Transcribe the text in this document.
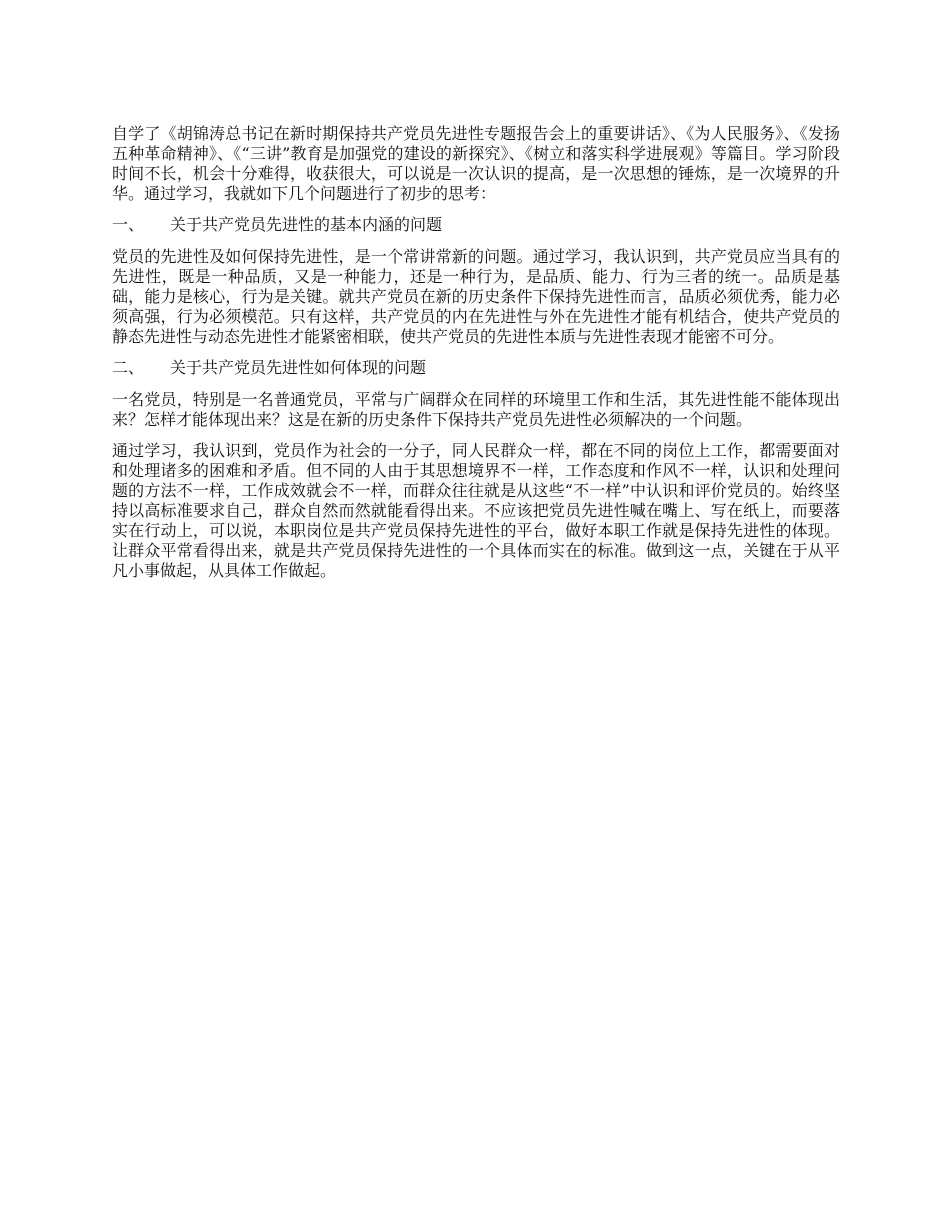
自学了《胡锦涛总书记在新时期保持共产党员先进性专题报告会上的重要讲话》、《为人民服务》、《发扬五种革命精神》、《“三讲”教育是加强党的建设的新探究》、《树立和落实科学进展观》等篇目。学习阶段时间不长，机会十分难得，收获很大，可以说是一次认识的提高，是一次思想的锤炼，是一次境界的升华。通过学习，我就如下几个问题进行了初步的思考：

一、	关于共产党员先进性的基本内涵的问题

党员的先进性及如何保持先进性，是一个常讲常新的问题。通过学习，我认识到，共产党员应当具有的先进性，既是一种品质，又是一种能力，还是一种行为，是品质、能力、行为三者的统一。品质是基础，能力是核心，行为是关键。就共产党员在新的历史条件下保持先进性而言，品质必须优秀，能力必须高强，行为必须模范。只有这样，共产党员的内在先进性与外在先进性才能有机结合，使共产党员的静态先进性与动态先进性才能紧密相联，使共产党员的先进性本质与先进性表现才能密不可分。

二、	关于共产党员先进性如何体现的问题

一名党员，特别是一名普通党员，平常与广阔群众在同样的环境里工作和生活，其先进性能不能体现出来？怎样才能体现出来？这是在新的历史条件下保持共产党员先进性必须解决的一个问题。

通过学习，我认识到，党员作为社会的一分子，同人民群众一样，都在不同的岗位上工作，都需要面对和处理诸多的困难和矛盾。但不同的人由于其思想境界不一样，工作态度和作风不一样，认识和处理问题的方法不一样，工作成效就会不一样，而群众往往就是从这些“不一样”中认识和评价党员的。始终坚持以高标准要求自己，群众自然而然就能看得出来。不应该把党员先进性喊在嘴上、写在纸上，而要落实在行动上，可以说，本职岗位是共产党员保持先进性的平台，做好本职工作就是保持先进性的体现。让群众平常看得出来，就是共产党员保持先进性的一个具体而实在的标准。做到这一点，关键在于从平凡小事做起，从具体工作做起。
